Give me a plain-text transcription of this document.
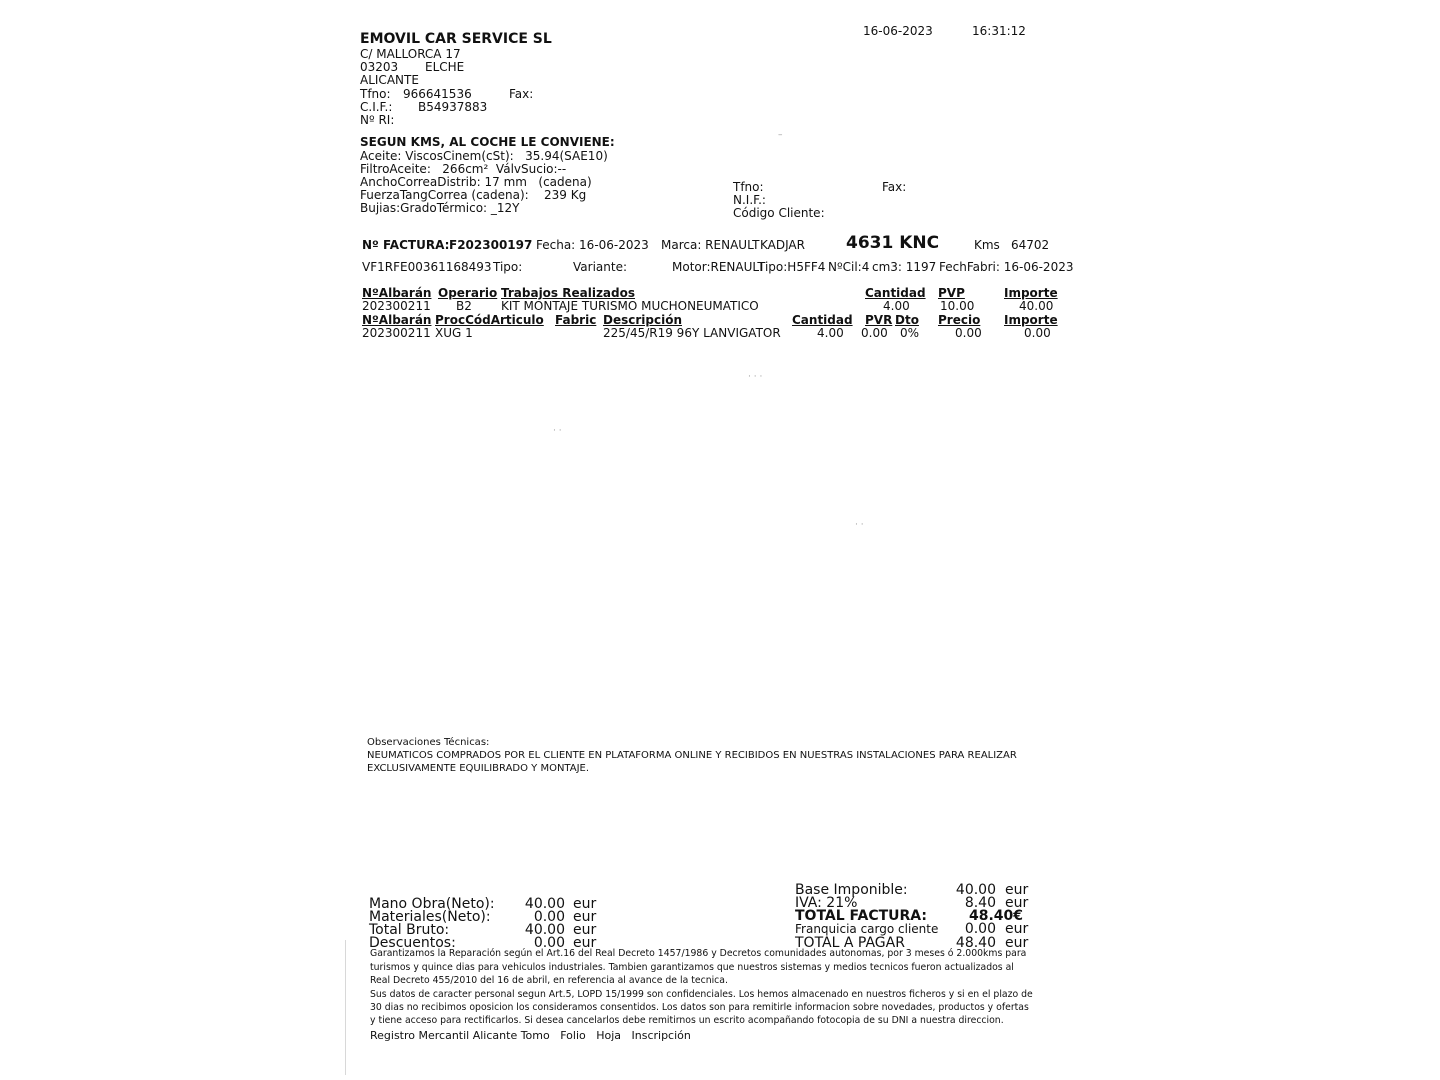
16-06-2023	16:31:12
EMOVIL CAR SERVICE SL
C/ MALLORCA 17
03203 ELCHE
ALICANTE
Tfno: 966641536	Fax:
C.I.F.: B54937883
Nº RI:
SEGUN KMS, AL COCHE LE CONVIENE:
Aceite: ViscosCinem(cSt):   35.94(SAE10)
FiltroAceite:   266cm²  VálvSucio:--
AnchoCorreaDistrib: 17 mm   (cadena)
FuerzaTangCorrea (cadena):    239 Kg
Bujias:GradoTérmico: _12Y
Tfno:	Fax:
N.I.F.:
Código Cliente:
Nº FACTURA: F202300197 Fecha: 16-06-2023 Marca: RENAULT KADJAR 4631 KNC	Kms 64702
VF1RFE00361168493 Tipo:	Variante:	Motor:RENAULT
Tipo:H5FF4 NºCil:4 cm3: 1197 FechFabri: 16-06-2023
NºAlbarán Operario Trabajos Realizados	Cantidad PVP	Importe
202300211 B2 KIT MONTAJE TURISMO MUCHONEUMATICO	4.00	10.00	40.00
NºAlbarán ProcCódArticulo Fabric Descripción	Cantidad PVR Dto Precio Importe
202300211 XUG 1	225/45/R19 96Y LANVIGATOR	4.00 0.00 0%	0.00	0.00
–
· · ·
· ·
· ·
Observaciones Técnicas:
NEUMATICOS COMPRADOS POR EL CLIENTE EN PLATAFORMA ONLINE Y RECIBIDOS EN NUESTRAS INSTALACIONES PARA REALIZAR
EXCLUSIVAMENTE EQUILIBRADO Y MONTAJE.
Mano Obra(Neto):	40.00 eur
Materiales(Neto):	0.00 eur
Total Bruto:	40.00 eur
Descuentos:	0.00 eur
Base Imponible:	40.00 eur
IVA: 21%	8.40 eur
TOTAL FACTURA:	48.40€
Franquicia cargo cliente	0.00 eur
TOTAL A PAGAR	48.40 eur
Garantizamos la Reparación según el Art.16 del Real Decreto 1457/1986 y Decretos comunidades autonomas, por 3 meses ó 2.000kms para
turismos y quince dias para vehiculos industriales. Tambien garantizamos que nuestros sistemas y medios tecnicos fueron actualizados al
Real Decreto 455/2010 del 16 de abril, en referencia al avance de la tecnica.
Sus datos de caracter personal segun Art.5, LOPD 15/1999 son confidenciales. Los hemos almacenado en nuestros ficheros y si en el plazo de
30 dias no recibimos oposicion los consideramos consentidos. Los datos son para remitirle informacion sobre novedades, productos y ofertas
y tiene acceso para rectificarlos. Si desea cancelarlos debe remitirnos un escrito acompañando fotocopia de su DNI a nuestra direccion.
Registro Mercantil Alicante Tomo   Folio   Hoja   Inscripción
